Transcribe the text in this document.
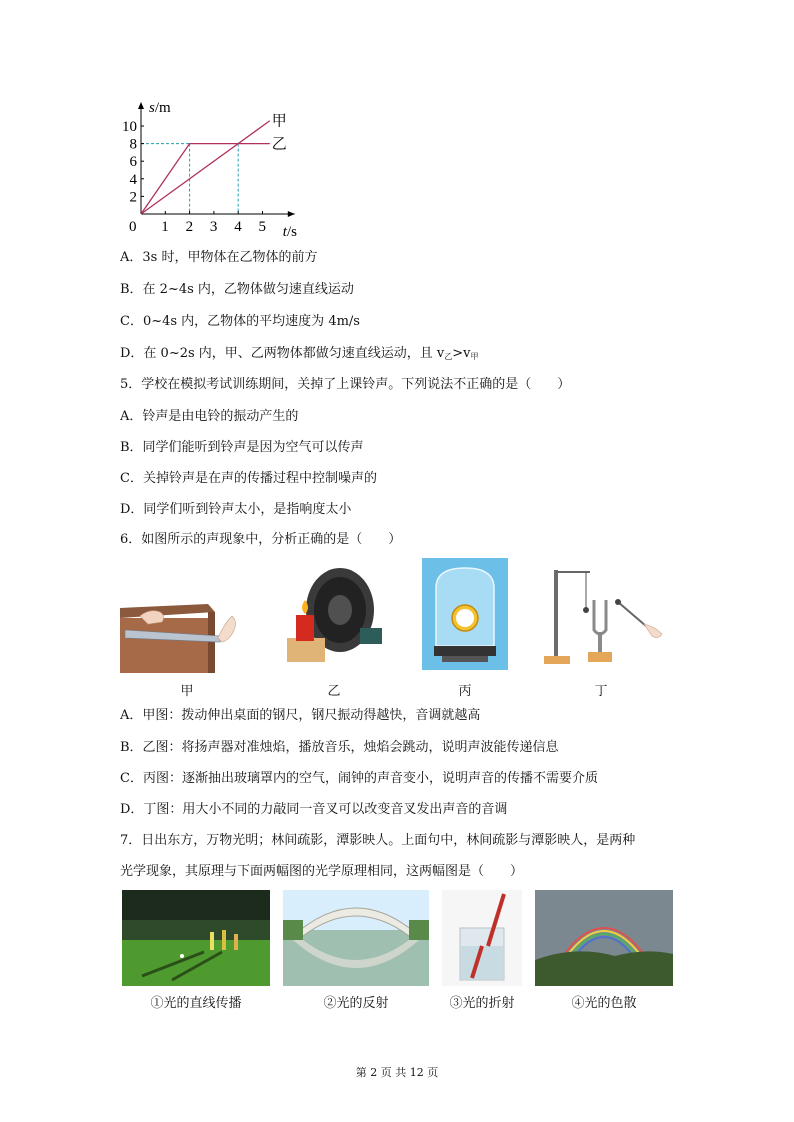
0 1 2 3 4 5
2
4
6
8
10
s/m
t/s
甲
乙
A．3s 时，甲物体在乙物体的前方
B．在 2~4s 内，乙物体做匀速直线运动
C．0~4s 内，乙物体的平均速度为 4m/s
D．在 0~2s 内，甲、乙两物体都做匀速直线运动，且 $v_乙>v_甲$
5．学校在模拟考试训练期间，关掉了上课铃声。下列说法不正确的是（　　）
A．铃声是由电铃的振动产生的
B．同学们能听到铃声是因为空气可以传声
C．关掉铃声是在声的传播过程中控制噪声的
D．同学们听到铃声太小，是指响度太小
6．如图所示的声现象中，分析正确的是（　　）
甲	乙	丙	丁
A．甲图：拨动伸出桌面的钢尺，钢尺振动得越快，音调就越高
B．乙图：将扬声器对准烛焰，播放音乐，烛焰会跳动，说明声波能传递信息
C．丙图：逐渐抽出玻璃罩内的空气，闹钟的声音变小，说明声音的传播不需要介质
D．丁图：用大小不同的力敲同一音叉可以改变音叉发出声音的音调
7．日出东方，万物光明；林间疏影，潭影映人。上面句中，林间疏影与潭影映人，是两种
光学现象，其原理与下面两幅图的光学原理相同，这两幅图是（　　）
①光的直线传播	②光的反射	③光的折射	④光的色散
第 2 页 共 12 页
